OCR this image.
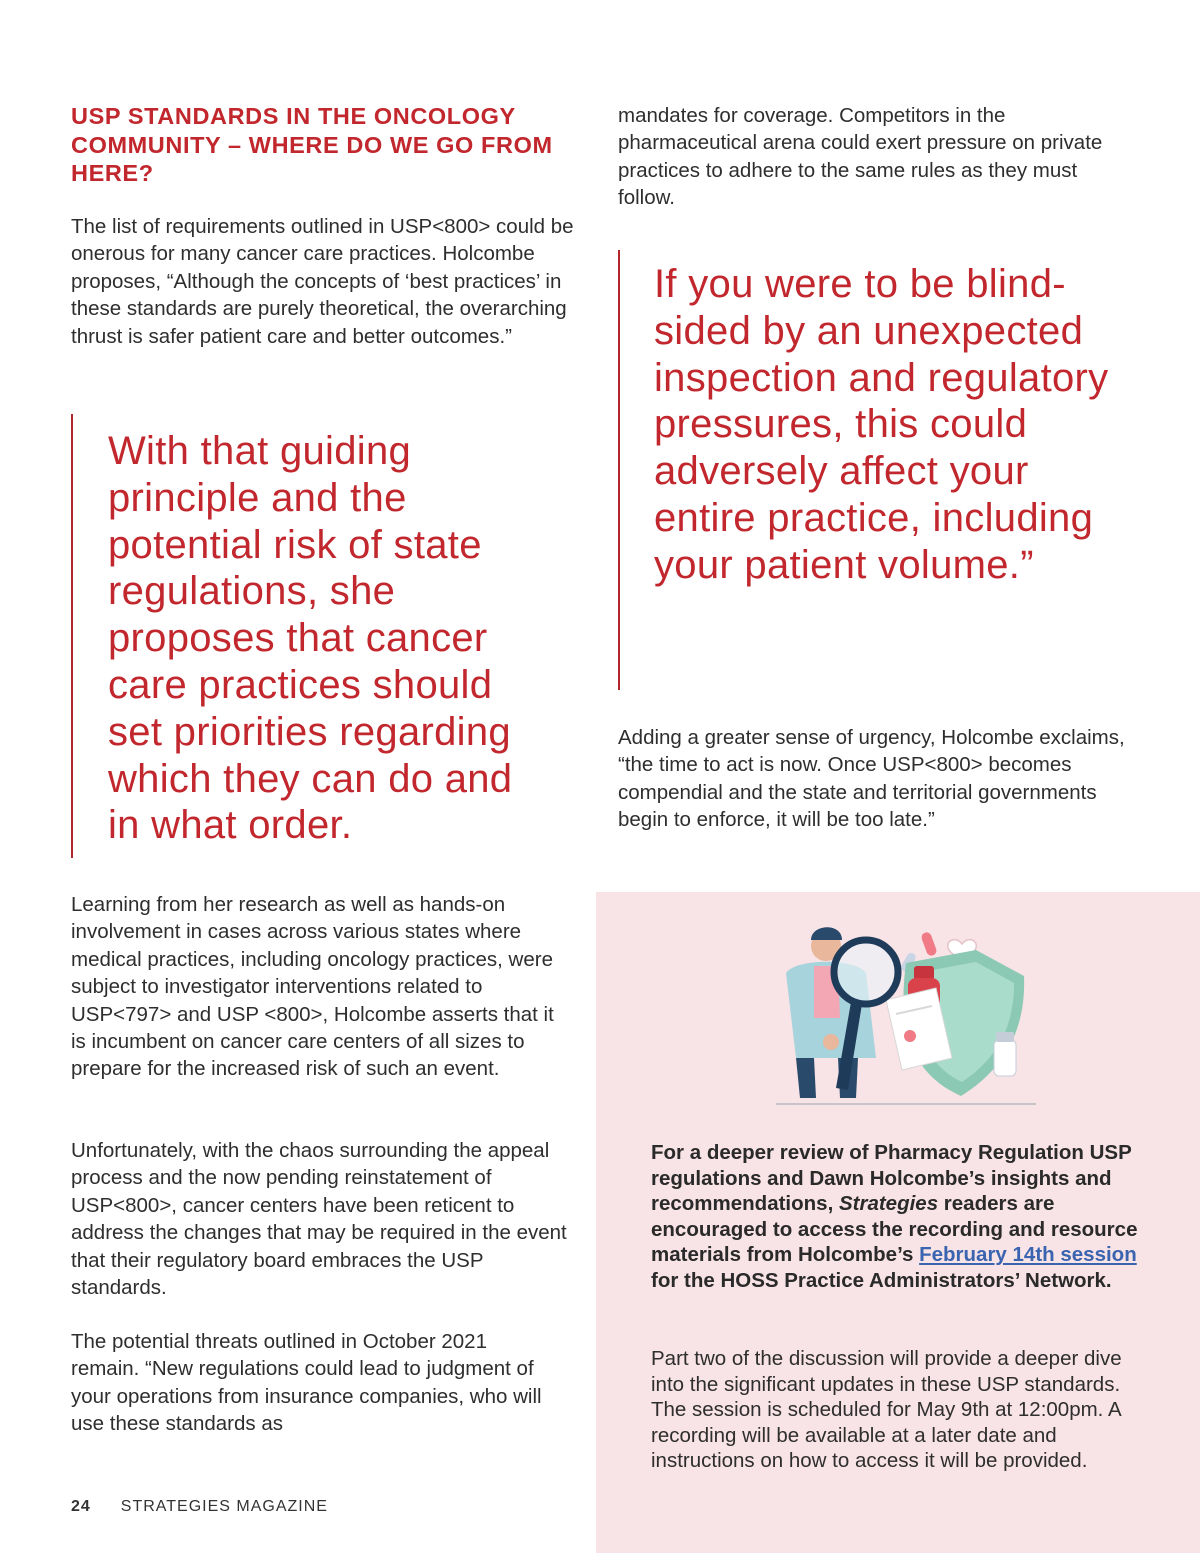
USP STANDARDS IN THE ONCOLOGY COMMUNITY – WHERE DO WE GO FROM HERE?

The list of requirements outlined in USP<800> could be onerous for many cancer care practices. Holcombe proposes, “Although the concepts of ‘best practices’ in these standards are purely theoretical, the overarching thrust is safer patient care and better outcomes.”

With that guiding principle and the potential risk of state regulations, she proposes that cancer care practices should set priorities regarding which they can do and in what order.

Learning from her research as well as hands-on involvement in cases across various states where medical practices, including oncology practices, were subject to investigator interventions related to USP<797> and USP <800>, Holcombe asserts that it is incumbent on cancer care centers of all sizes to prepare for the increased risk of such an event.

Unfortunately, with the chaos surrounding the appeal process and the now pending reinstatement of USP<800>, cancer centers have been reticent to address the changes that may be required in the event that their regulatory board embraces the USP standards.

The potential threats outlined in October 2021 remain. “New regulations could lead to judgment of your operations from insurance companies, who will use these standards as

mandates for coverage. Competitors in the pharmaceutical arena could exert pressure on private practices to adhere to the same rules as they must follow.

If you were to be blind-sided by an unexpected inspection and regulatory pressures, this could adversely affect your entire practice, including your patient volume.”

Adding a greater sense of urgency, Holcombe exclaims, “the time to act is now. Once USP<800> becomes compendial and the state and territorial governments begin to enforce, it will be too late.”

For a deeper review of Pharmacy Regulation USP regulations and Dawn Holcombe’s insights and recommendations, Strategies readers are encouraged to access the recording and resource materials from Holcombe’s February 14th session for the HOSS Practice Administrators’ Network.

Part two of the discussion will provide a deeper dive into the significant updates in these USP standards. The session is scheduled for May 9th at 12:00pm. A recording will be available at a later date and instructions on how to access it will be provided.

24 STRATEGIES MAGAZINE
